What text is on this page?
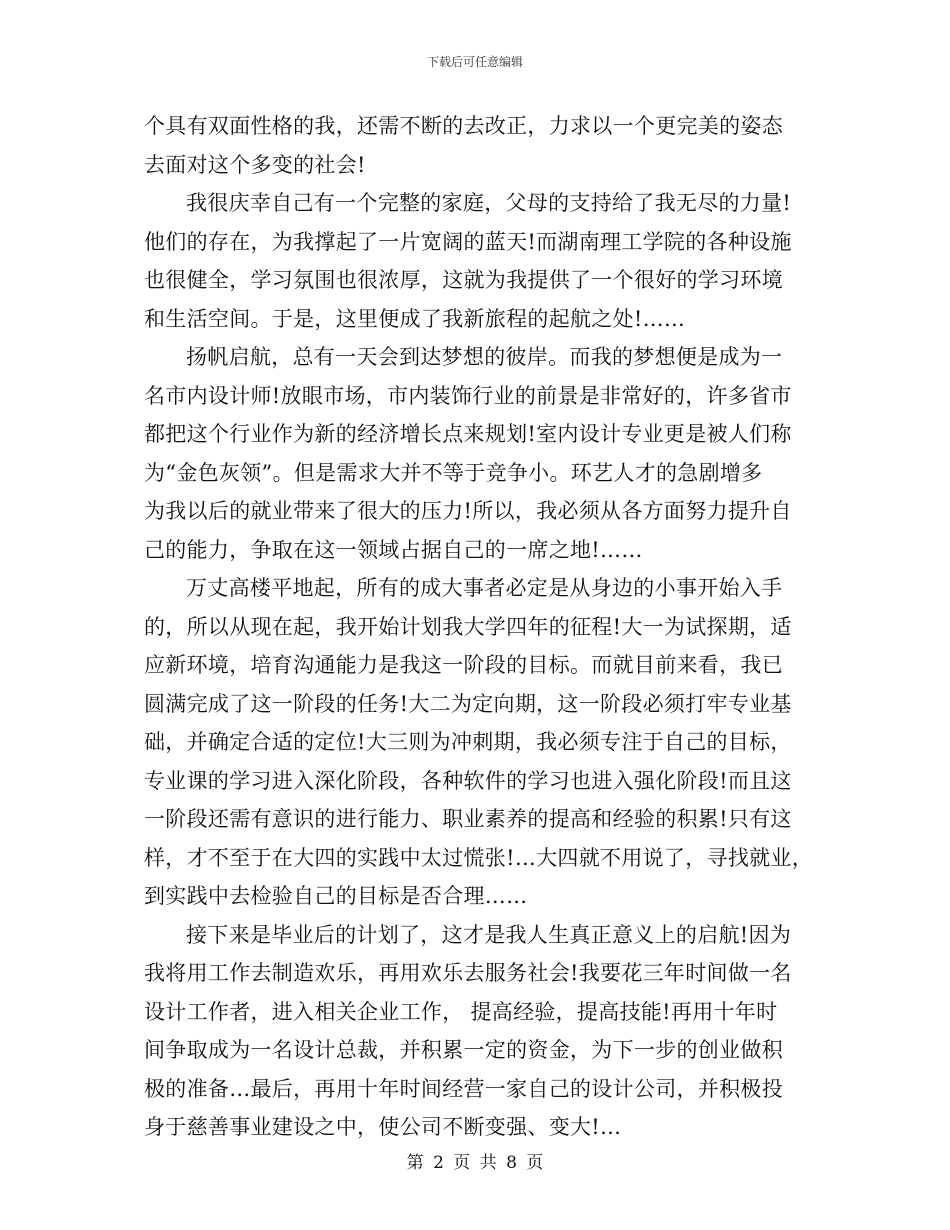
下载后可任意编辑
个具有双面性格的我，还需不断的去改正，力求以一个更完美的姿态
去面对这个多变的社会!
我很庆幸自己有一个完整的家庭，父母的支持给了我无尽的力量!
他们的存在，为我撑起了一片宽阔的蓝天!而湖南理工学院的各种设施
也很健全，学习氛围也很浓厚，这就为我提供了一个很好的学习环境
和生活空间。于是，这里便成了我新旅程的起航之处!……
扬帆启航，总有一天会到达梦想的彼岸。而我的梦想便是成为一
名市内设计师!放眼市场，市内装饰行业的前景是非常好的，许多省市
都把这个行业作为新的经济增长点来规划!室内设计专业更是被人们称
为“金色灰领”。但是需求大并不等于竞争小。环艺人才的急剧增多
为我以后的就业带来了很大的压力!所以，我必须从各方面努力提升自
己的能力，争取在这一领域占据自己的一席之地!……
万丈高楼平地起，所有的成大事者必定是从身边的小事开始入手
的，所以从现在起，我开始计划我大学四年的征程!大一为试探期，适
应新环境，培育沟通能力是我这一阶段的目标。而就目前来看，我已
圆满完成了这一阶段的任务!大二为定向期，这一阶段必须打牢专业基
础，并确定合适的定位!大三则为冲刺期，我必须专注于自己的目标，
专业课的学习进入深化阶段，各种软件的学习也进入强化阶段!而且这
一阶段还需有意识的进行能力、职业素养的提高和经验的积累!只有这
样，才不至于在大四的实践中太过慌张!…大四就不用说了，寻找就业，
到实践中去检验自己的目标是否合理……
接下来是毕业后的计划了，这才是我人生真正意义上的启航!因为
我将用工作去制造欢乐，再用欢乐去服务社会!我要花三年时间做一名
设计工作者，进入相关企业工作， 提高经验，提高技能!再用十年时
间争取成为一名设计总裁，并积累一定的资金，为下一步的创业做积
极的准备…最后，再用十年时间经营一家自己的设计公司，并积极投
身于慈善事业建设之中，使公司不断变强、变大!…
第 2 页 共 8 页
